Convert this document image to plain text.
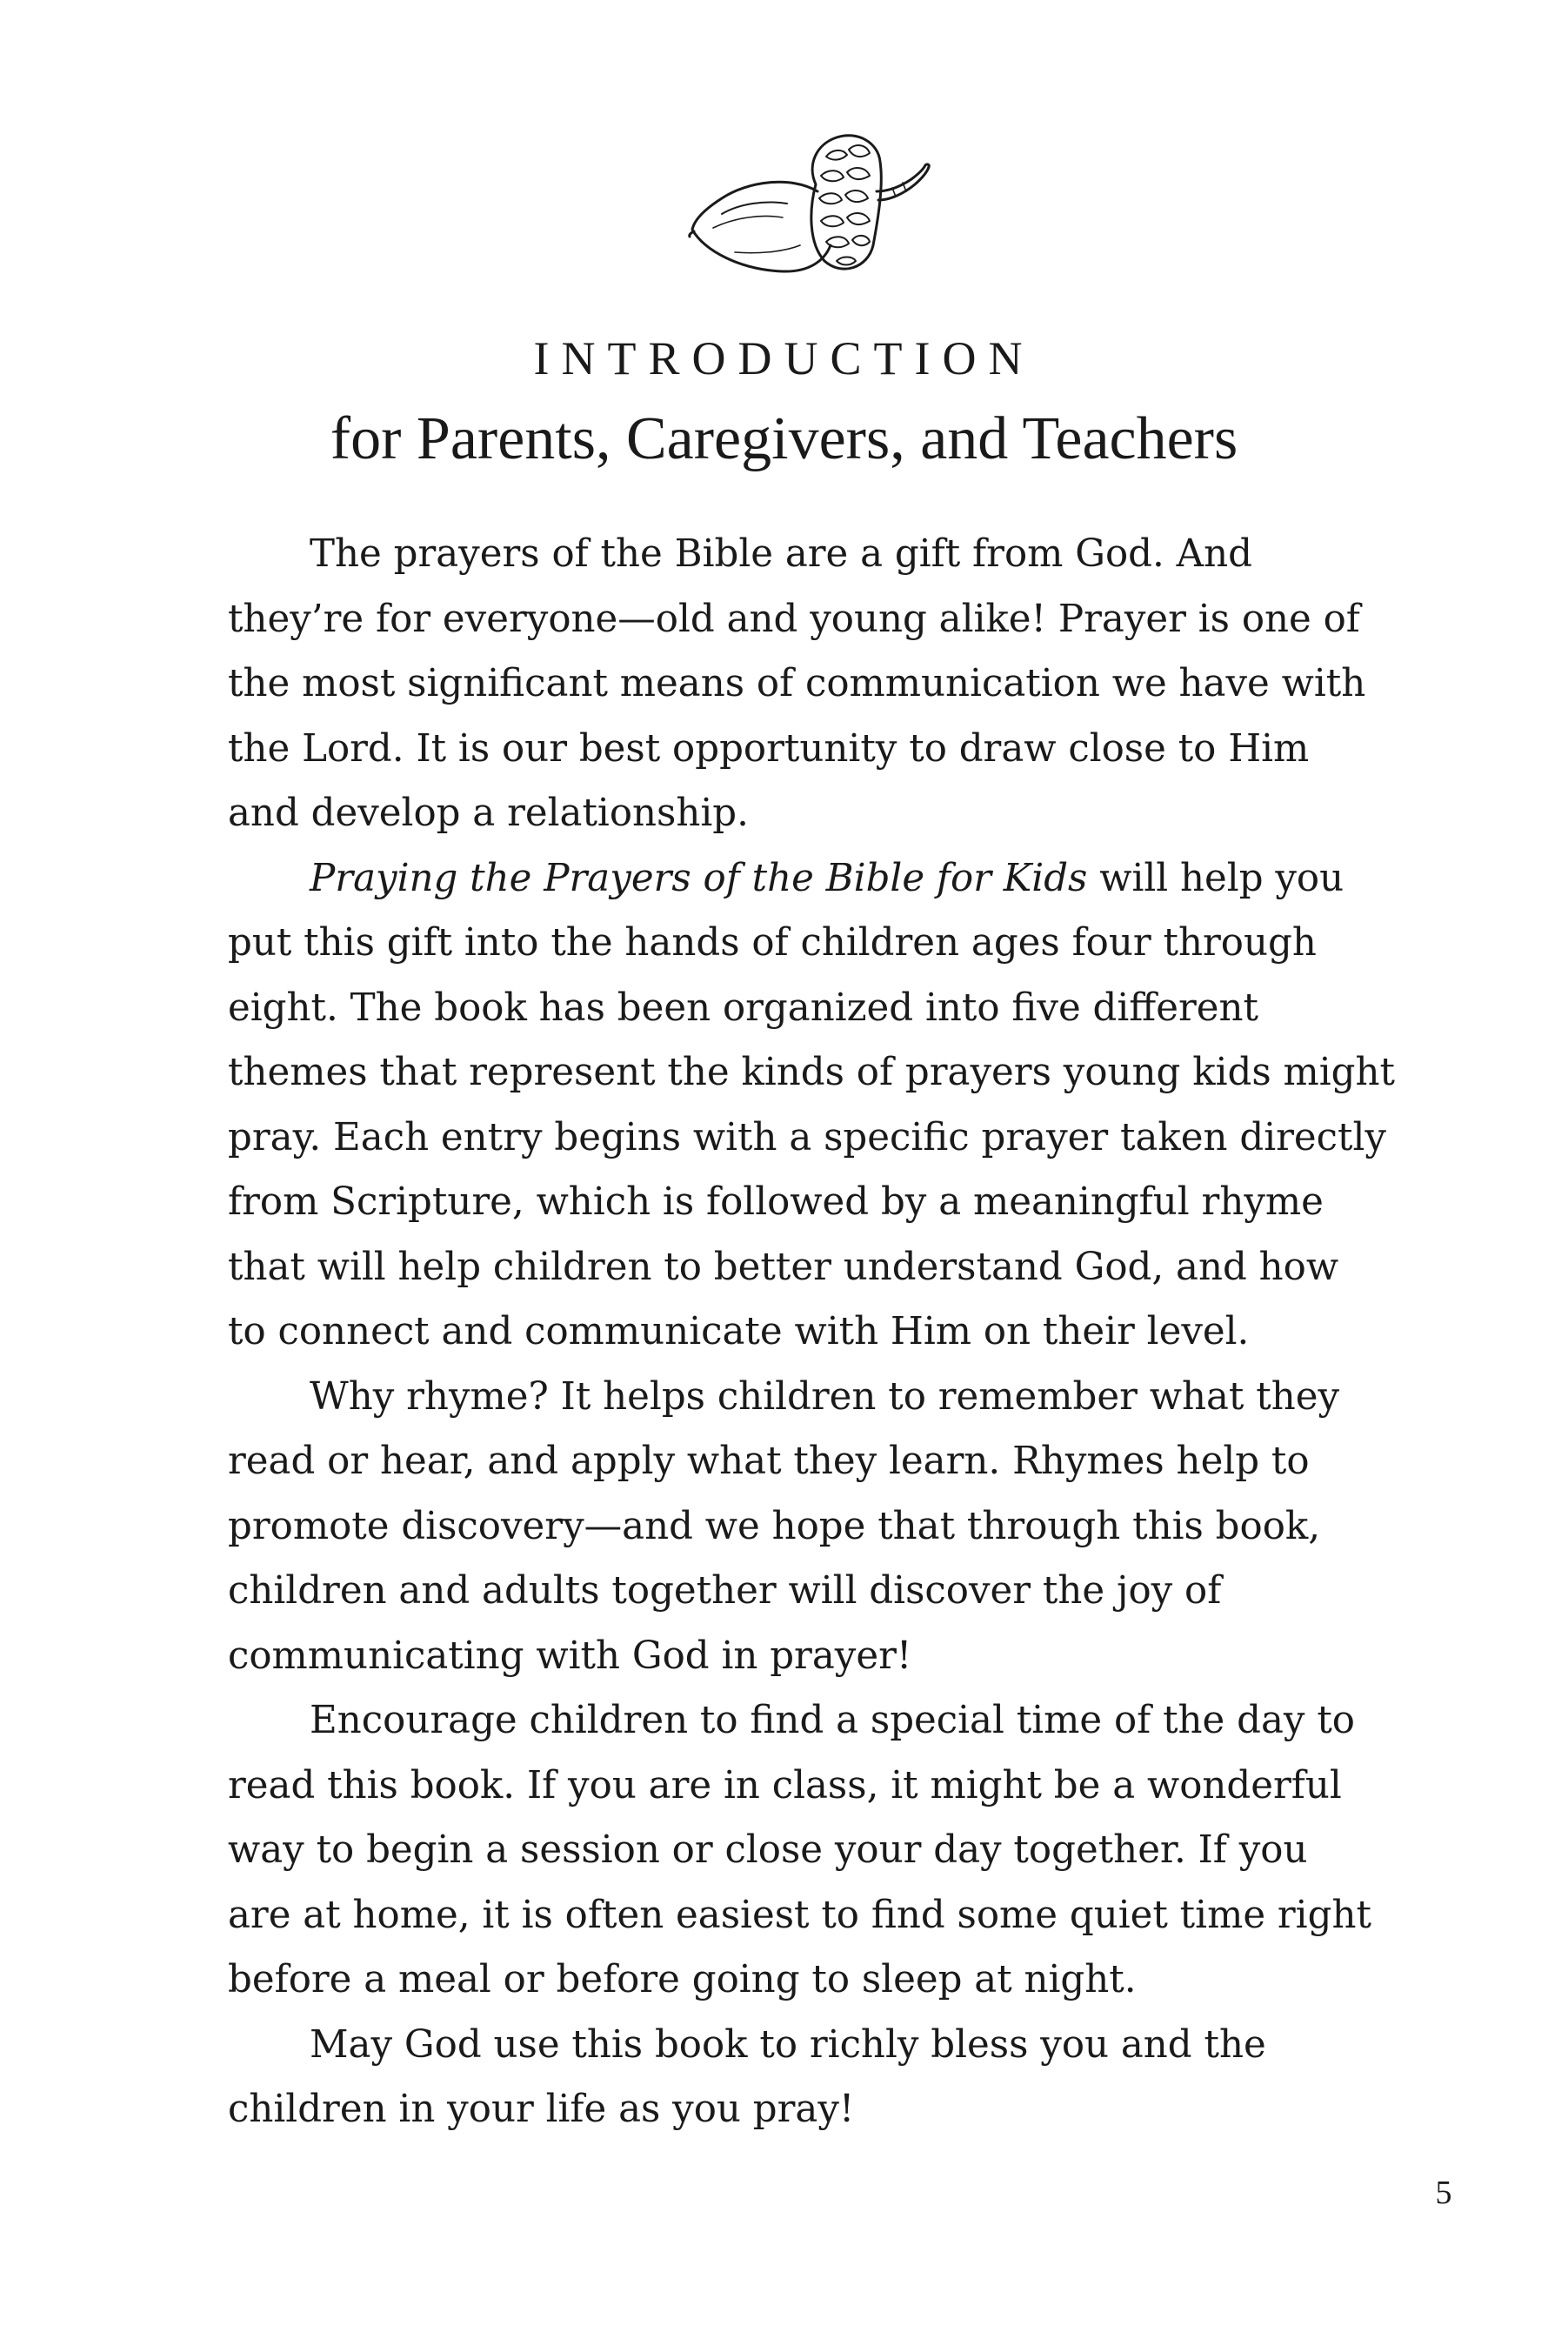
INTRODUCTION
for Parents, Caregivers, and Teachers

The prayers of the Bible are a gift from God. And
they’re for everyone—old and young alike! Prayer is one of
the most significant means of communication we have with
the Lord. It is our best opportunity to draw close to Him
and develop a relationship.

Praying the Prayers of the Bible for Kids will help you
put this gift into the hands of children ages four through
eight. The book has been organized into five different
themes that represent the kinds of prayers young kids might
pray. Each entry begins with a specific prayer taken directly
from Scripture, which is followed by a meaningful rhyme
that will help children to better understand God, and how
to connect and communicate with Him on their level.

Why rhyme? It helps children to remember what they
read or hear, and apply what they learn. Rhymes help to
promote discovery—and we hope that through this book,
children and adults together will discover the joy of
communicating with God in prayer!

Encourage children to find a special time of the day to
read this book. If you are in class, it might be a wonderful
way to begin a session or close your day together. If you
are at home, it is often easiest to find some quiet time right
before a meal or before going to sleep at night.

May God use this book to richly bless you and the
children in your life as you pray!

5
